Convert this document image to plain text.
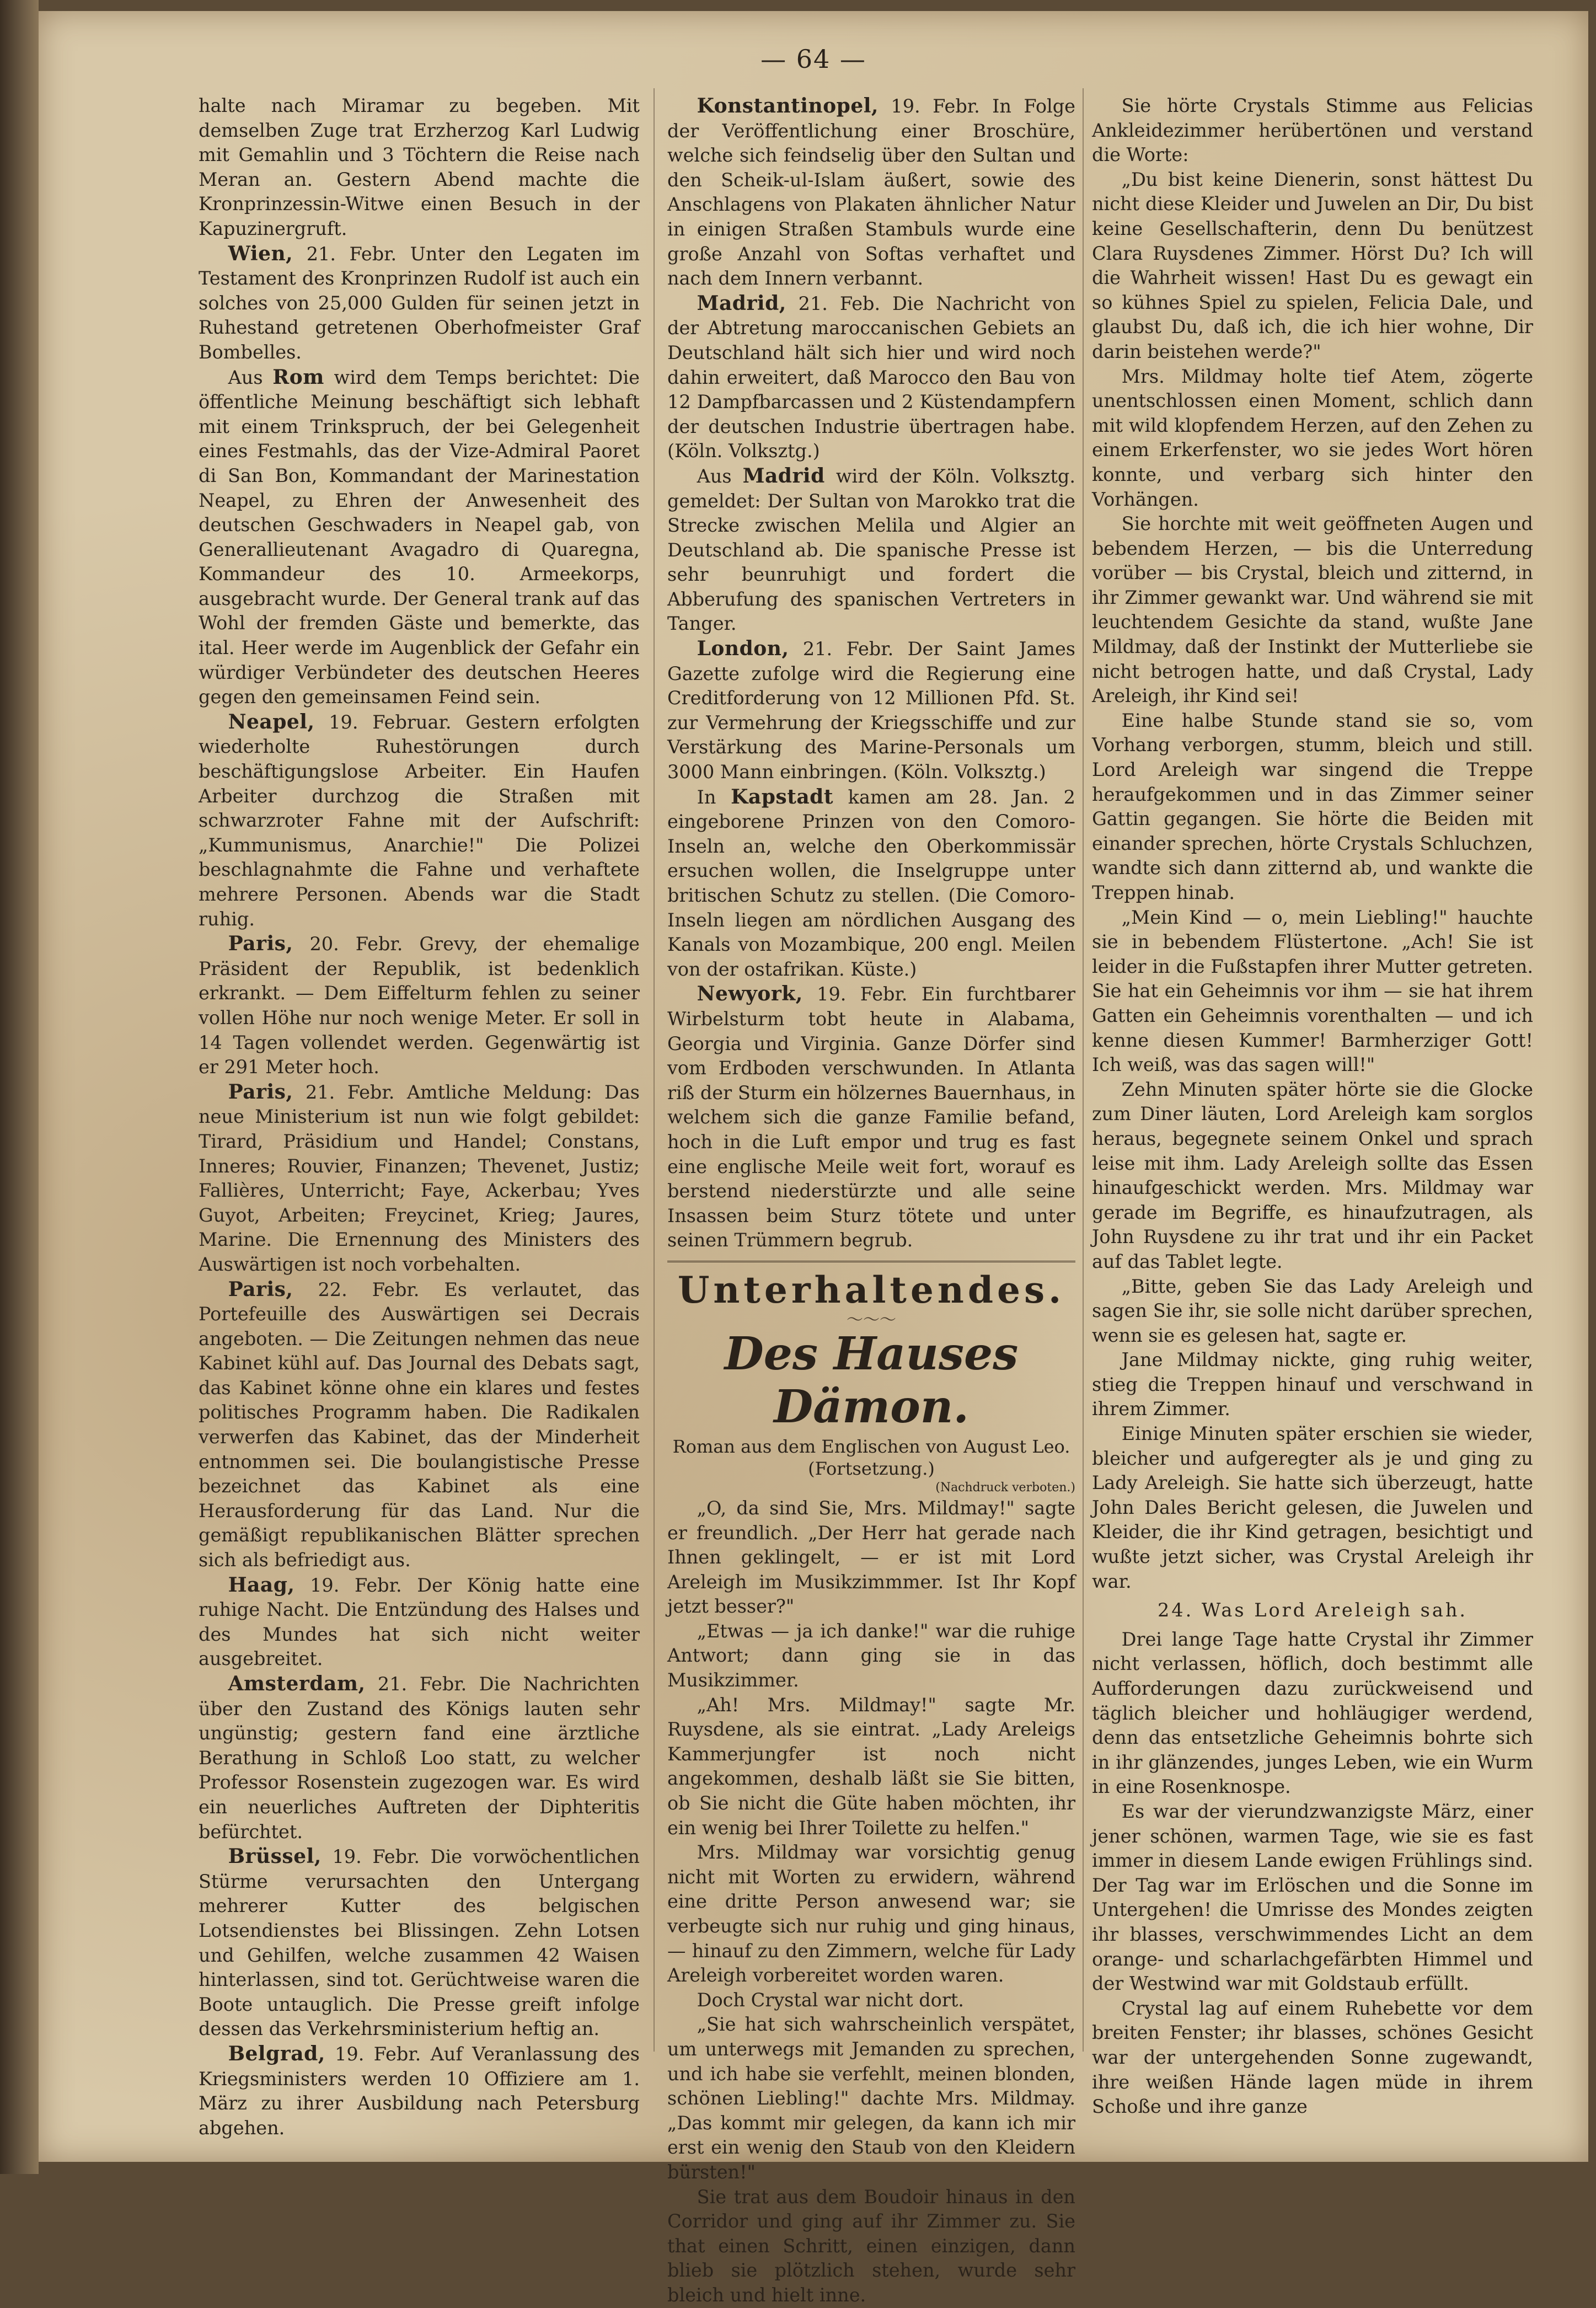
— 64 —

halte nach Miramar zu begeben. Mit demselben Zuge trat Erzherzog Karl Ludwig mit Gemahlin und 3 Töchtern die Reise nach Meran an. Gestern Abend machte die Kronprinzessin-Witwe einen Besuch in der Kapuzinergruft.

Wien, 21. Febr. Unter den Legaten im Testament des Kronprinzen Rudolf ist auch ein solches von 25,000 Gulden für seinen jetzt in Ruhestand getretenen Oberhofmeister Graf Bombelles.

Aus Rom wird dem Temps berichtet: Die öffentliche Meinung beschäftigt sich lebhaft mit einem Trinkspruch, der bei Gelegenheit eines Festmahls, das der Vize-Admiral Paoret di San Bon, Kommandant der Marinestation Neapel, zu Ehren der Anwesenheit des deutschen Geschwaders in Neapel gab, von Generallieutenant Avagadro di Quaregna, Kommandeur des 10. Armeekorps, ausgebracht wurde. Der General trank auf das Wohl der fremden Gäste und bemerkte, das ital. Heer werde im Augenblick der Gefahr ein würdiger Verbündeter des deutschen Heeres gegen den gemeinsamen Feind sein.

Neapel, 19. Februar. Gestern erfolgten wiederholte Ruhestörungen durch beschäftigungslose Arbeiter. Ein Haufen Arbeiter durchzog die Straßen mit schwarzroter Fahne mit der Aufschrift: „Kummunismus, Anarchie!" Die Polizei beschlagnahmte die Fahne und verhaftete mehrere Personen. Abends war die Stadt ruhig.

Paris, 20. Febr. Grevy, der ehemalige Präsident der Republik, ist bedenklich erkrankt. — Dem Eiffelturm fehlen zu seiner vollen Höhe nur noch wenige Meter. Er soll in 14 Tagen vollendet werden. Gegenwärtig ist er 291 Meter hoch.

Paris, 21. Febr. Amtliche Meldung: Das neue Ministerium ist nun wie folgt gebildet: Tirard, Präsidium und Handel; Constans, Inneres; Rouvier, Finanzen; Thevenet, Justiz; Fallières, Unterricht; Faye, Ackerbau; Yves Guyot, Arbeiten; Freycinet, Krieg; Jaures, Marine. Die Ernennung des Ministers des Auswärtigen ist noch vorbehalten.

Paris, 22. Febr. Es verlautet, das Portefeuille des Auswärtigen sei Decrais angeboten. — Die Zeitungen nehmen das neue Kabinet kühl auf. Das Journal des Debats sagt, das Kabinet könne ohne ein klares und festes politisches Programm haben. Die Radikalen verwerfen das Kabinet, das der Minderheit entnommen sei. Die boulangistische Presse bezeichnet das Kabinet als eine Herausforderung für das Land. Nur die gemäßigt republikanischen Blätter sprechen sich als befriedigt aus.

Haag, 19. Febr. Der König hatte eine ruhige Nacht. Die Entzündung des Halses und des Mundes hat sich nicht weiter ausgebreitet.

Amsterdam, 21. Febr. Die Nachrichten über den Zustand des Königs lauten sehr ungünstig; gestern fand eine ärztliche Berathung in Schloß Loo statt, zu welcher Professor Rosenstein zugezogen war. Es wird ein neuerliches Auftreten der Diphteritis befürchtet.

Brüssel, 19. Febr. Die vorwöchentlichen Stürme verursachten den Untergang mehrerer Kutter des belgischen Lotsendienstes bei Blissingen. Zehn Lotsen und Gehilfen, welche zusammen 42 Waisen hinterlassen, sind tot. Gerüchtweise waren die Boote untauglich. Die Presse greift infolge dessen das Verkehrsministerium heftig an.

Belgrad, 19. Febr. Auf Veranlassung des Kriegsministers werden 10 Offiziere am 1. März zu ihrer Ausbildung nach Petersburg abgehen.

Konstantinopel, 19. Febr. In Folge der Veröffentlichung einer Broschüre, welche sich feindselig über den Sultan und den Scheik-ul-Islam äußert, sowie des Anschlagens von Plakaten ähnlicher Natur in einigen Straßen Stambuls wurde eine große Anzahl von Softas verhaftet und nach dem Innern verbannt.

Madrid, 21. Feb. Die Nachricht von der Abtretung maroccanischen Gebiets an Deutschland hält sich hier und wird noch dahin erweitert, daß Marocco den Bau von 12 Dampfbarcassen und 2 Küstendampfern der deutschen Industrie übertragen habe. (Köln. Volksztg.)

Aus Madrid wird der Köln. Volksztg. gemeldet: Der Sultan von Marokko trat die Strecke zwischen Melila und Algier an Deutschland ab. Die spanische Presse ist sehr beunruhigt und fordert die Abberufung des spanischen Vertreters in Tanger.

London, 21. Febr. Der Saint James Gazette zufolge wird die Regierung eine Creditforderung von 12 Millionen Pfd. St. zur Vermehrung der Kriegsschiffe und zur Verstärkung des Marine-Personals um 3000 Mann einbringen. (Köln. Volksztg.)

In Kapstadt kamen am 28. Jan. 2 eingeborene Prinzen von den Comoro-Inseln an, welche den Oberkommissär ersuchen wollen, die Inselgruppe unter britischen Schutz zu stellen. (Die Comoro-Inseln liegen am nördlichen Ausgang des Kanals von Mozambique, 200 engl. Meilen von der ostafrikan. Küste.)

Newyork, 19. Febr. Ein furchtbarer Wirbelsturm tobt heute in Alabama, Georgia und Virginia. Ganze Dörfer sind vom Erdboden verschwunden. In Atlanta riß der Sturm ein hölzernes Bauernhaus, in welchem sich die ganze Familie befand, hoch in die Luft empor und trug es fast eine englische Meile weit fort, worauf es berstend niederstürzte und alle seine Insassen beim Sturz tötete und unter seinen Trümmern begrub.

Unterhaltendes.
〜〜〜
Des Hauses Dämon.
Roman aus dem Englischen von August Leo.
(Fortsetzung.)
(Nachdruck verboten.)

„O, da sind Sie, Mrs. Mildmay!" sagte er freundlich. „Der Herr hat gerade nach Ihnen geklingelt, — er ist mit Lord Areleigh im Musikzimmmer. Ist Ihr Kopf jetzt besser?"

„Etwas — ja ich danke!" war die ruhige Antwort; dann ging sie in das Musikzimmer.

„Ah! Mrs. Mildmay!" sagte Mr. Ruysdene, als sie eintrat. „Lady Areleigs Kammerjungfer ist noch nicht angekommen, deshalb läßt sie Sie bitten, ob Sie nicht die Güte haben möchten, ihr ein wenig bei Ihrer Toilette zu helfen."

Mrs. Mildmay war vorsichtig genug nicht mit Worten zu erwidern, während eine dritte Person anwesend war; sie verbeugte sich nur ruhig und ging hinaus, — hinauf zu den Zimmern, welche für Lady Areleigh vorbereitet worden waren.

Doch Crystal war nicht dort.

„Sie hat sich wahrscheinlich verspätet, um unterwegs mit Jemanden zu sprechen, und ich habe sie verfehlt, meinen blonden, schönen Liebling!" dachte Mrs. Mildmay. „Das kommt mir gelegen, da kann ich mir erst ein wenig den Staub von den Kleidern bürsten!"

Sie trat aus dem Boudoir hinaus in den Corridor und ging auf ihr Zimmer zu. Sie that einen Schritt, einen einzigen, dann blieb sie plötzlich stehen, wurde sehr bleich und hielt inne.

Sie hörte Crystals Stimme aus Felicias Ankleidezimmer herübertönen und verstand die Worte:

„Du bist keine Dienerin, sonst hättest Du nicht diese Kleider und Juwelen an Dir, Du bist keine Gesellschafterin, denn Du benützest Clara Ruysdenes Zimmer. Hörst Du? Ich will die Wahrheit wissen! Hast Du es gewagt ein so kühnes Spiel zu spielen, Felicia Dale, und glaubst Du, daß ich, die ich hier wohne, Dir darin beistehen werde?"

Mrs. Mildmay holte tief Atem, zögerte unentschlossen einen Moment, schlich dann mit wild klopfendem Herzen, auf den Zehen zu einem Erkerfenster, wo sie jedes Wort hören konnte, und verbarg sich hinter den Vorhängen.

Sie horchte mit weit geöffneten Augen und bebendem Herzen, — bis die Unterredung vorüber — bis Crystal, bleich und zitternd, in ihr Zimmer gewankt war. Und während sie mit leuchtendem Gesichte da stand, wußte Jane Mildmay, daß der Instinkt der Mutterliebe sie nicht betrogen hatte, und daß Crystal, Lady Areleigh, ihr Kind sei!

Eine halbe Stunde stand sie so, vom Vorhang verborgen, stumm, bleich und still. Lord Areleigh war singend die Treppe heraufgekommen und in das Zimmer seiner Gattin gegangen. Sie hörte die Beiden mit einander sprechen, hörte Crystals Schluchzen, wandte sich dann zitternd ab, und wankte die Treppen hinab.

„Mein Kind — o, mein Liebling!" hauchte sie in bebendem Flüstertone. „Ach! Sie ist leider in die Fußstapfen ihrer Mutter getreten. Sie hat ein Geheimnis vor ihm — sie hat ihrem Gatten ein Geheimnis vorenthalten — und ich kenne diesen Kummer! Barmherziger Gott! Ich weiß, was das sagen will!"

Zehn Minuten später hörte sie die Glocke zum Diner läuten, Lord Areleigh kam sorglos heraus, begegnete seinem Onkel und sprach leise mit ihm. Lady Areleigh sollte das Essen hinaufgeschickt werden. Mrs. Mildmay war gerade im Begriffe, es hinaufzutragen, als John Ruysdene zu ihr trat und ihr ein Packet auf das Tablet legte.

„Bitte, geben Sie das Lady Areleigh und sagen Sie ihr, sie solle nicht darüber sprechen, wenn sie es gelesen hat, sagte er.

Jane Mildmay nickte, ging ruhig weiter, stieg die Treppen hinauf und verschwand in ihrem Zimmer.

Einige Minuten später erschien sie wieder, bleicher und aufgeregter als je und ging zu Lady Areleigh. Sie hatte sich überzeugt, hatte John Dales Bericht gelesen, die Juwelen und Kleider, die ihr Kind getragen, besichtigt und wußte jetzt sicher, was Crystal Areleigh ihr war.

24. Was Lord Areleigh sah.

Drei lange Tage hatte Crystal ihr Zimmer nicht verlassen, höflich, doch bestimmt alle Aufforderungen dazu zurückweisend und täglich bleicher und hohläugiger werdend, denn das entsetzliche Geheimnis bohrte sich in ihr glänzendes, junges Leben, wie ein Wurm in eine Rosenknospe.

Es war der vierundzwanzigste März, einer jener schönen, warmen Tage, wie sie es fast immer in diesem Lande ewigen Frühlings sind. Der Tag war im Erlöschen und die Sonne im Untergehen! die Umrisse des Mondes zeigten ihr blasses, verschwimmendes Licht an dem orange- und scharlachgefärbten Himmel und der Westwind war mit Goldstaub erfüllt.

Crystal lag auf einem Ruhebette vor dem breiten Fenster; ihr blasses, schönes Gesicht war der untergehenden Sonne zugewandt, ihre weißen Hände lagen müde in ihrem Schoße und ihre ganze
